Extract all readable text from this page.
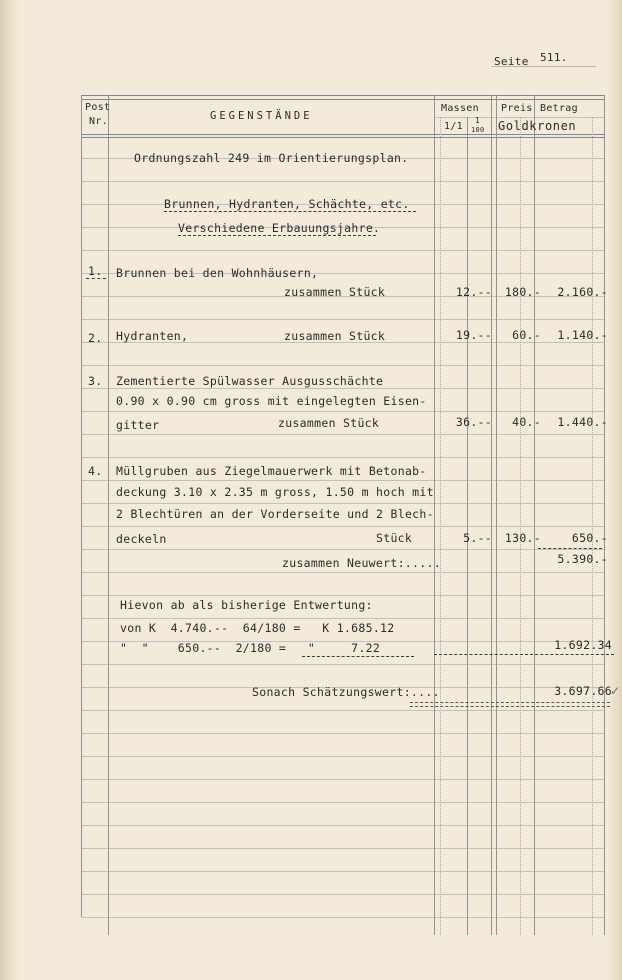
Seite 511.
Post
Nr.	GEGENSTÄNDE
Massen
1/1
1
100
Preis Betrag
Goldkronen
Ordnungszahl 249 im Orientierungsplan.
Brunnen, Hydranten, Schächte, etc.
Verschiedene Erbauungsjahre.
1. Brunnen bei den Wohnhäusern,
zusammen Stück	12.--	180.-	2.160.-
2. Hydranten,	zusammen Stück	19.--	60.-	1.140.-
3. Zementierte Spülwasser Ausgusschächte
0.90 x 0.90 cm gross mit eingelegten Eisen-
gitter	zusammen Stück	36.--	40.-	1.440.-
4. Müllgruben aus Ziegelmauerwerk mit Betonab-
deckung 3.10 x 2.35 m gross, 1.50 m hoch mit
2 Blechtüren an der Vorderseite und 2 Blech-
deckeln	Stück	5.--	130.-	650.-
zusammen Neuwert:.....	5.390.-
Hievon ab als bisherige Entwertung:
von K  4.740.--  64/180 =   K 1.685.12
"  "    650.--  2/180 =   "     7.22	1.692.34
Sonach Schätzungswert:....	3.697.66
✓
